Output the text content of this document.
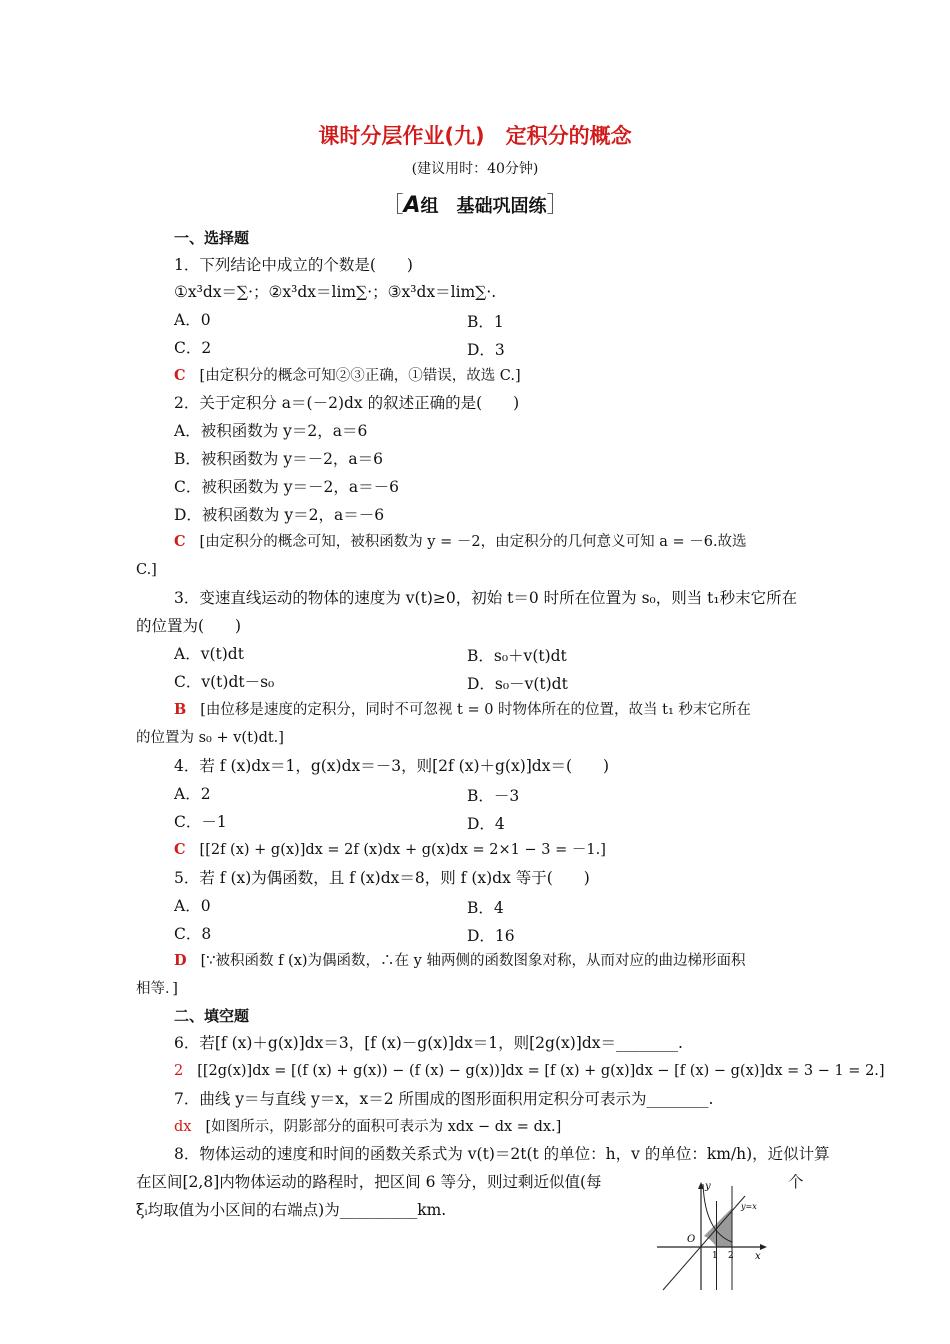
课时分层作业(九)　定积分的概念
(建议用时：40分钟)
［A组　基础巩固练］
一、选择题
1．下列结论中成立的个数是(　　)
①x³dx＝∑·；②x³dx＝lim∑·；③x³dx＝lim∑·.
A．0	B．1
C．2	D．3
C [由定积分的概念可知②③正确，①错误，故选 C.]
2．关于定积分 a＝(－2)dx 的叙述正确的是(　　)
A．被积函数为 y＝2，a＝6
B．被积函数为 y＝－2，a＝6
C．被积函数为 y＝－2，a＝－6
D．被积函数为 y＝2，a＝－6
C [由定积分的概念可知，被积函数为 y = －2，由定积分的几何意义可知 a = －6.故选
C.]
3．变速直线运动的物体的速度为 v(t)≥0，初始 t＝0 时所在位置为 s₀，则当 t₁秒末它所在
的位置为(　　)
A．v(t)dt	B．s₀＋v(t)dt
C．v(t)dt－s₀	D．s₀－v(t)dt
B [由位移是速度的定积分，同时不可忽视 t = 0 时物体所在的位置，故当 t₁ 秒末它所在
的位置为 s₀ + v(t)dt.]
4．若 f (x)dx＝1，g(x)dx＝－3，则[2f (x)＋g(x)]dx＝(　　)
A．2	B．－3
C．－1	D．4
C [[2f (x) + g(x)]dx = 2f (x)dx + g(x)dx = 2×1 − 3 = －1.]
5．若 f (x)为偶函数，且 f (x)dx＝8，则 f (x)dx 等于(　　)
A．0	B．4
C．8	D．16
D [∵被积函数 f (x)为偶函数，∴在 y 轴两侧的函数图象对称，从而对应的曲边梯形面积
相等．]
二、填空题
6．若[f (x)＋g(x)]dx＝3，[f (x)－g(x)]dx＝1，则[2g(x)]dx＝________.
2 [[2g(x)]dx = [(f (x) + g(x)) − (f (x) − g(x))]dx = [f (x) + g(x)]dx − [f (x) − g(x)]dx = 3 − 1 = 2.]
7．曲线 y＝与直线 y＝x，x＝2 所围成的图形面积用定积分可表示为________.
dx [如图所示，阴影部分的面积可表示为 xdx − dx = dx.]
8．物体运动的速度和时间的函数关系式为 v(t)＝2t(t 的单位：h，v 的单位：km/h)，近似计算
在区间[2,8]内物体运动的路程时，把区间 6 等分，则过剩近似值(每	个
ξᵢ均取值为小区间的右端点)为__________km.
y
x
O
1 2
y=x
